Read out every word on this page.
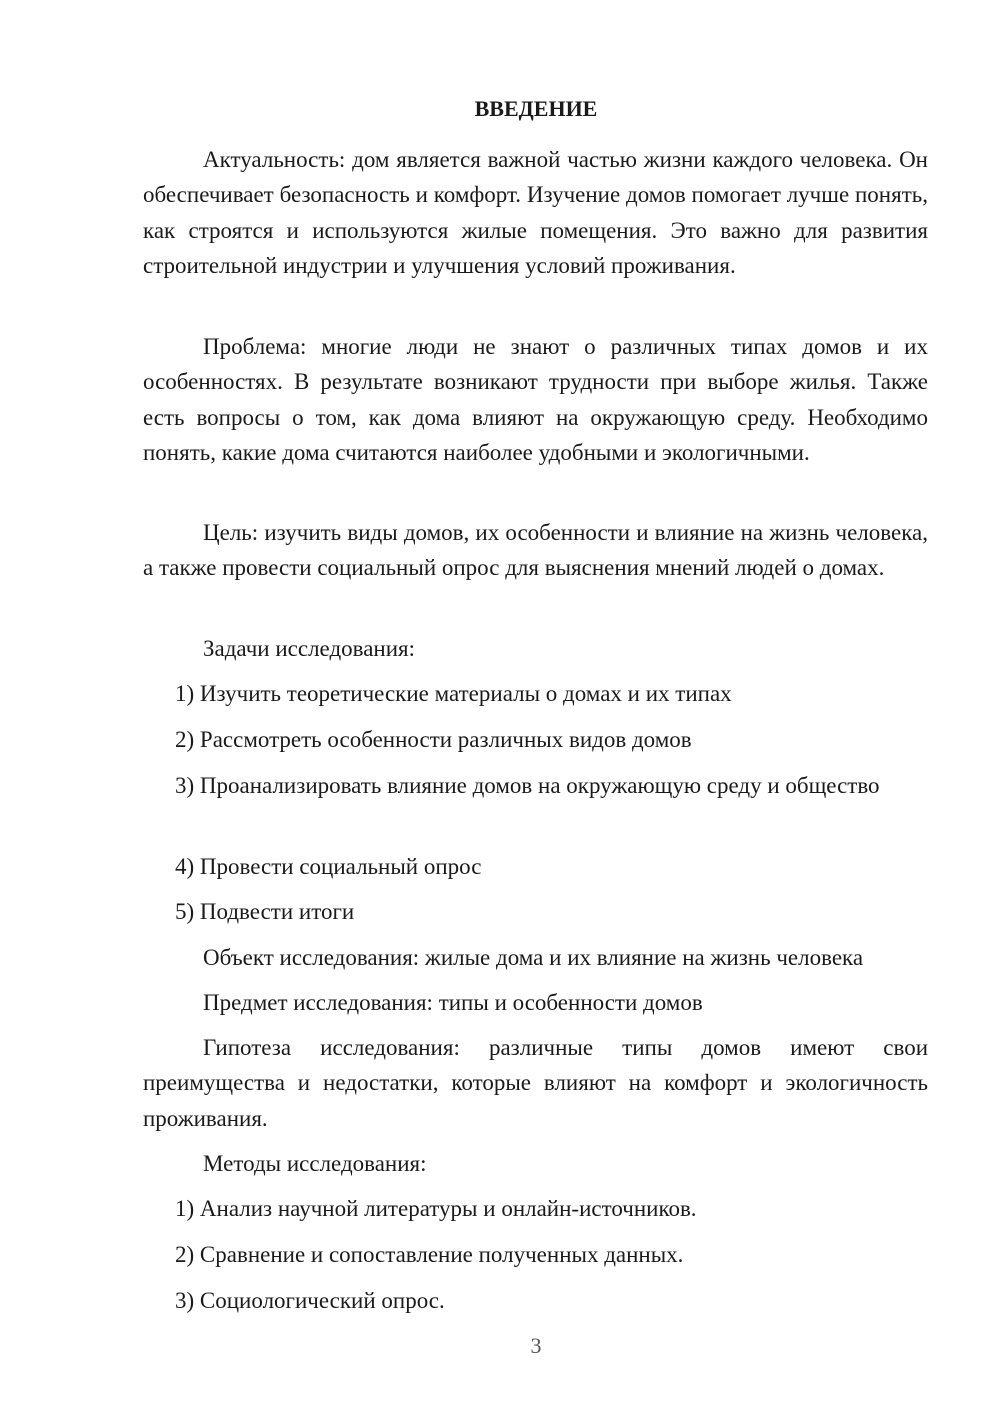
ВВЕДЕНИЕ
Актуальность: дом является важной частью жизни каждого человека. Он обеспечивает безопасность и комфорт. Изучение домов помогает лучше понять, как строятся и используются жилые помещения. Это важно для развития строительной индустрии и улучшения условий проживания.
Проблема: многие люди не знают о различных типах домов и их особенностях. В результате возникают трудности при выборе жилья. Также есть вопросы о том, как дома влияют на окружающую среду. Необходимо понять, какие дома считаются наиболее удобными и экологичными.
Цель: изучить виды домов, их особенности и влияние на жизнь человека, а также провести социальный опрос для выяснения мнений людей о домах.
Задачи исследования:
1) Изучить теоретические материалы о домах и их типах
2) Рассмотреть особенности различных видов домов
3) Проанализировать влияние домов на окружающую среду и общество
4) Провести социальный опрос
5) Подвести итоги
Объект исследования: жилые дома и их влияние на жизнь человека
Предмет исследования: типы и особенности домов
Гипотеза исследования: различные типы домов имеют свои преимущества и недостатки, которые влияют на комфорт и экологичность проживания.
Методы исследования:
1) Анализ научной литературы и онлайн-источников.
2) Сравнение и сопоставление полученных данных.
3) Социологический опрос.
3
